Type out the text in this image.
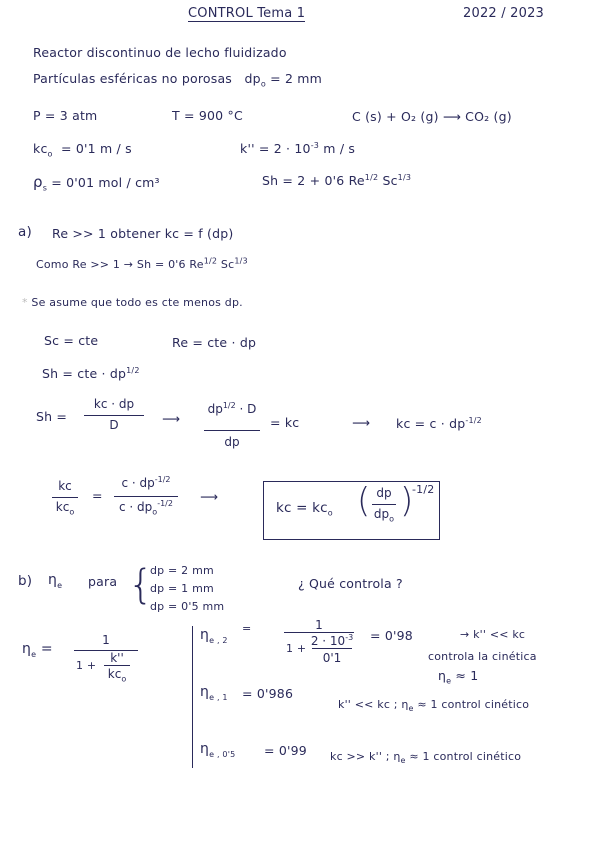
CONTROL Tema 1	2022 / 2023
Reactor discontinuo de lecho fluidizado
Partículas esféricas no porosas $dp_o = 2$ mm
P = 3 atm	T = 900 °C	C (s) + O₂ (g) ⟶ CO₂ (g)
$kc_o = 0'1$ m / s	$k'' = 2 \cdot 10^{-3}$ m / s
$\rho_s = 0'01$ mol / cm³	Sh = 2 + 0'6 $Re^{1/2}$ $Sc^{1/3}$
a) Re >> 1 obtener kc = f (dp)
Como Re >> 1 → Sh = 0'6 $Re^{1/2}$ $Sc^{1/3}$
* Se asume que todo es cte menos dp.
Sc = cte	Re = cte · dp
Sh = cte · $dp^{1/2}$
Sh =
kc · dp
D	⟶
$dp^{1/2} \cdot D$
dp
= kc	⟶ kc = $c \cdot dp^{-1/2}$
kc
$kc_o$
=
$c \cdot dp^{-1/2}$
$c \cdot dp_o^{-1/2}$	⟶
kc = $kc_o$ ( dp
$dp_o$ )
-1/2
b) $\eta_e$ para {
dp = 2 mm
dp = 1 mm
dp = 0'5 mm
¿ Qué controla ?
$\eta_e$ =
1
1 +
k''
$kc_o$
$\eta_{e , 2}$
=	1
1 +
$2 \cdot 10^{-3}$
0'1
= 0'98	→ k'' << kc
controla la cinética
$\eta_e \approx 1$
$\eta_{e , 1} = 0'986$
k'' << kc ; $\eta_e \approx 1$ control cinético
$\eta_{e , 0'5} = 0'99$ kc >> k'' ; $\eta_e \approx 1$ control cinético
